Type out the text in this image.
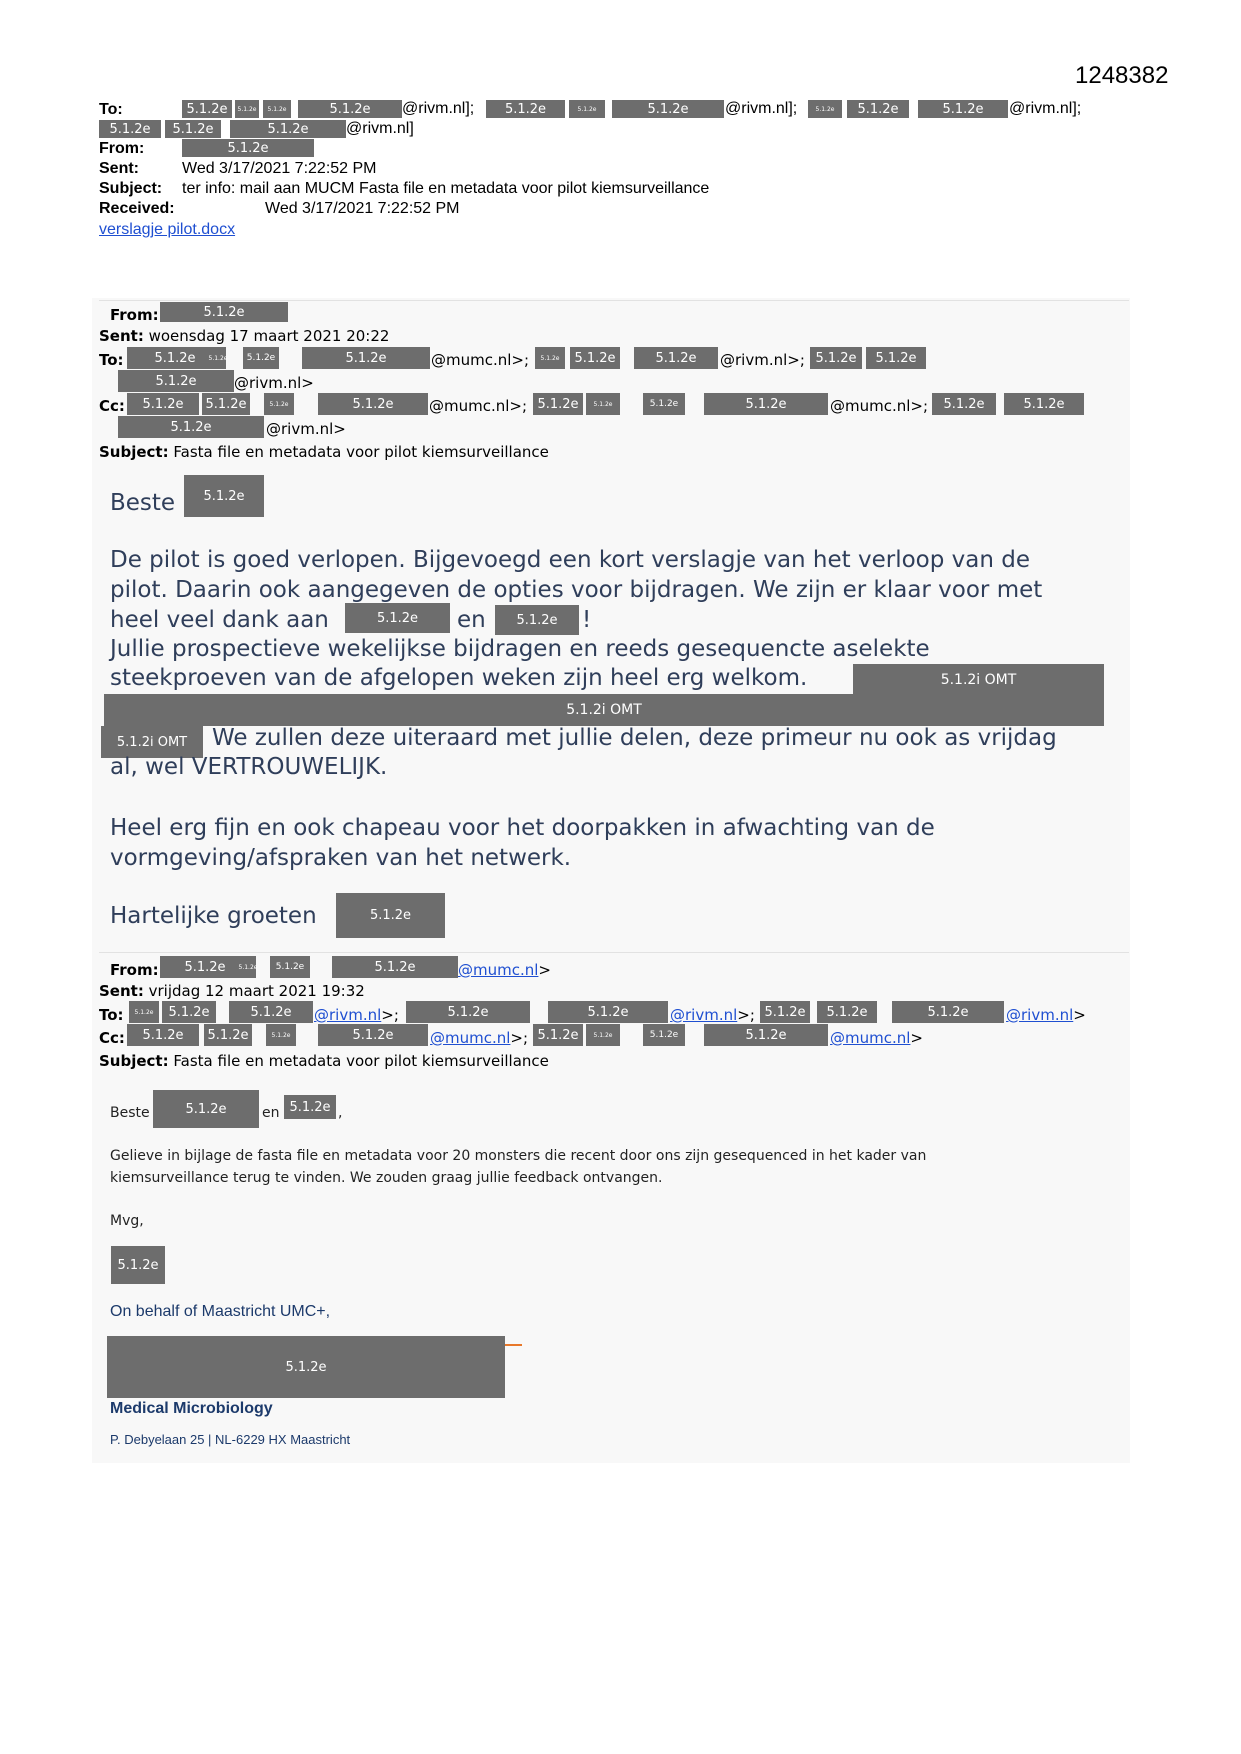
1248382
To:	5.1.2e	5.1.2e	5.1.2e	5.1.2e	@rivm.nl];	5.1.2e	5.1.2e	5.1.2e	@rivm.nl];	5.1.2e	5.1.2e	5.1.2e	@rivm.nl];
5.1.2e	5.1.2e	5.1.2e	@rivm.nl]
From:	5.1.2e
Sent:	Wed 3/17/2021 7:22:52 PM
Subject: ter info: mail aan MUCM Fasta file en metadata voor pilot kiemsurveillance
Received:	Wed 3/17/2021 7:22:52 PM
verslagje pilot.docx
From:	5.1.2e
Sent: woensdag 17 maart 2021 20:22
To:	5.1.2e	5.1.2e	5.1.2e	5.1.2e	@mumc.nl>;	5.1.2e	5.1.2e	5.1.2e	@rivm.nl>; 5.1.2e	5.1.2e
5.1.2e	@rivm.nl>
Cc:	5.1.2e	5.1.2e	5.1.2e	5.1.2e	@mumc.nl>; 5.1.2e	5.1.2e	5.1.2e	5.1.2e	@mumc.nl>;	5.1.2e	5.1.2e
5.1.2e	@rivm.nl>
Subject: Fasta file en metadata voor pilot kiemsurveillance
Beste	5.1.2e
De pilot is goed verlopen. Bijgevoegd een kort verslagje van het verloop van de
pilot. Daarin ook aangegeven de opties voor bijdragen. We zijn er klaar voor met
heel veel dank aan	5.1.2e	en	5.1.2e	!
Jullie prospectieve wekelijkse bijdragen en reeds gesequencte aselekte
steekproeven van de afgelopen weken zijn heel erg welkom.	5.1.2i OMT
5.1.2i OMT
5.1.2i OMT	We zullen deze uiteraard met jullie delen, deze primeur nu ook as vrijdag
al, wel VERTROUWELIJK.
Heel erg fijn en ook chapeau voor het doorpakken in afwachting van de
vormgeving/afspraken van het netwerk.
Hartelijke groeten	5.1.2e
From:	5.1.2e	5.1.2e	5.1.2e	5.1.2e	@mumc.nl>
Sent: vrijdag 12 maart 2021 19:32
To:	5.1.2e	5.1.2e	5.1.2e	@rivm.nl>;	5.1.2e	5.1.2e	@rivm.nl>; 5.1.2e	5.1.2e	5.1.2e	@rivm.nl>
Cc:	5.1.2e	5.1.2e	5.1.2e	5.1.2e	@mumc.nl>; 5.1.2e	5.1.2e	5.1.2e	5.1.2e	@mumc.nl>
Subject: Fasta file en metadata voor pilot kiemsurveillance
Beste	5.1.2e	en 5.1.2e ,
Gelieve in bijlage de fasta file en metadata voor 20 monsters die recent door ons zijn gesequenced in het kader van
kiemsurveillance terug te vinden. We zouden graag jullie feedback ontvangen.
Mvg,
5.1.2e
On behalf of Maastricht UMC+,
5.1.2e
Medical Microbiology
P. Debyelaan 25 | NL-6229 HX Maastricht
